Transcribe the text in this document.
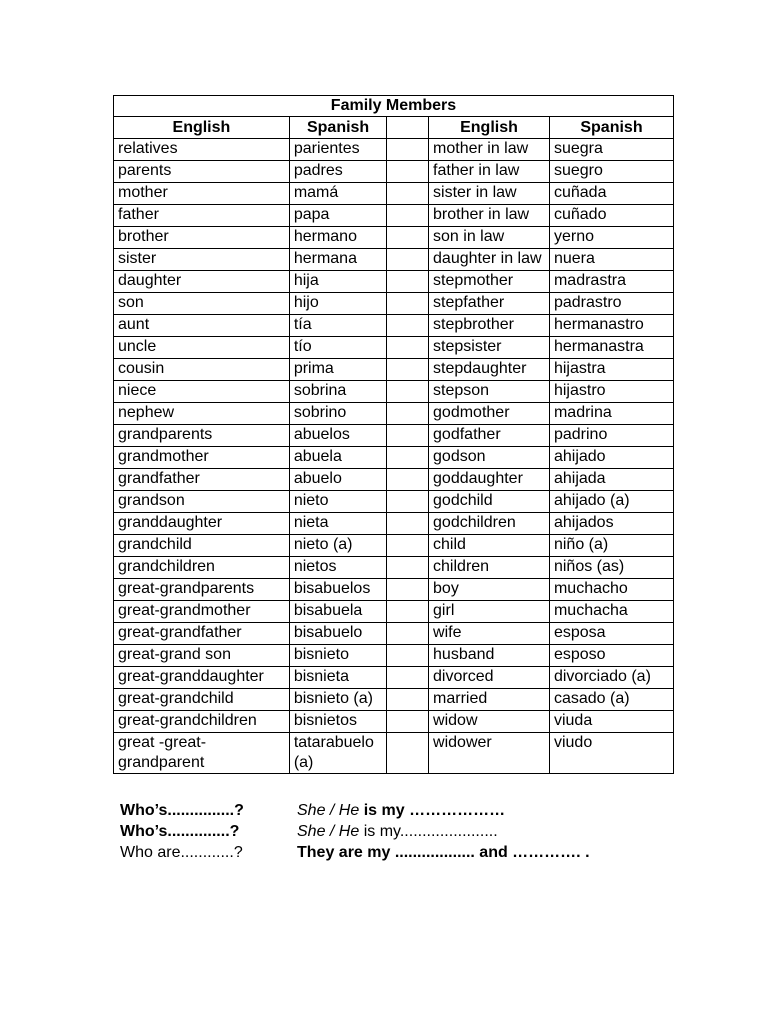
Family Members				
English	Spanish		English	Spanish
relatives	parientes		mother in law	suegra
parents	padres		father in law	suegro
mother	mamá		sister in law	cuñada
father	papa		brother in law	cuñado
brother	hermano		son in law	yerno
sister	hermana		daughter in law	nuera
daughter	hija		stepmother	madrastra
son	hijo		stepfather	padrastro
aunt	tía		stepbrother	hermanastro
uncle	tío		stepsister	hermanastra
cousin	prima		stepdaughter	hijastra
niece	sobrina		stepson	hijastro
nephew	sobrino		godmother	madrina
grandparents	abuelos		godfather	padrino
grandmother	abuela		godson	ahijado
grandfather	abuelo		goddaughter	ahijada
grandson	nieto		godchild	ahijado (a)
granddaughter	nieta		godchildren	ahijados
grandchild	nieto (a)		child	niño (a)
grandchildren	nietos		children	niños (as)
great-grandparents	bisabuelos		boy	muchacho
great-grandmother	bisabuela		girl	muchacha
great-grandfather	bisabuelo		wife	esposa
great-grand son	bisnieto		husband	esposo
great-granddaughter	bisnieta		divorced	divorciado (a)
great-grandchild	bisnieto (a)		married	casado (a)
great-grandchildren	bisnietos		widow	viuda
great -great-grandparent	tatarabuelo (a)		widower	viudo
Who’s...............?	She / He is my ………………
Who’s..............?	She / He is my......................
Who are............?	They are my .................. and …………. .
